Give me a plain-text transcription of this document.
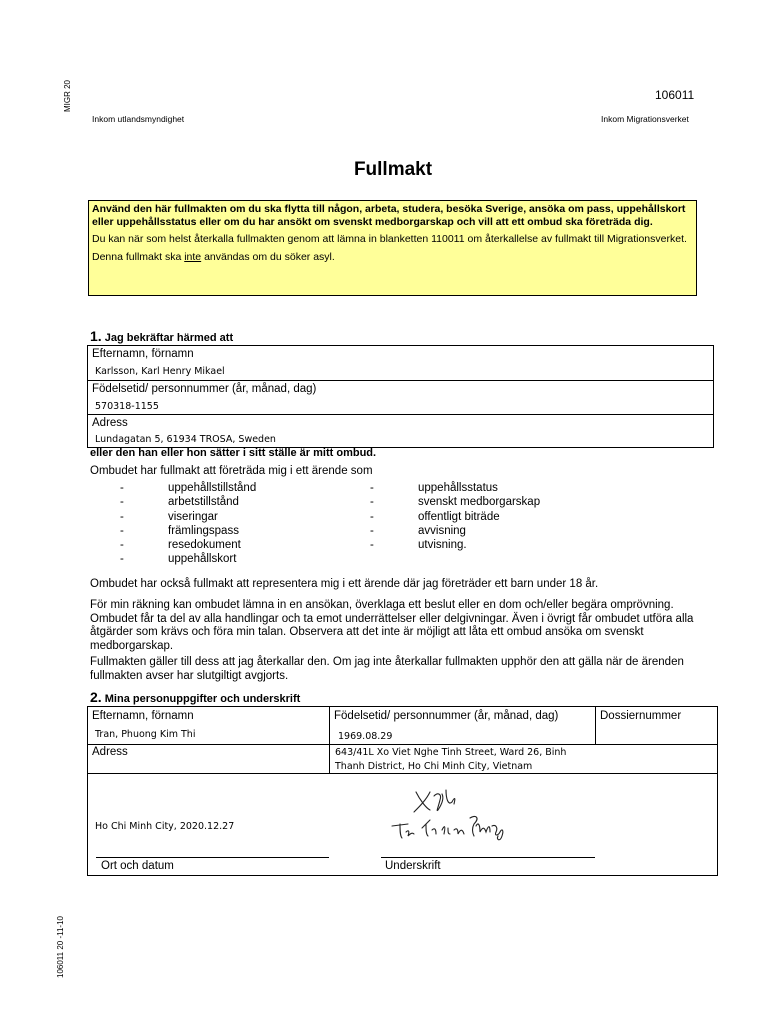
MIGR 20
106011 20 -11-10
106011
Inkom utlandsmyndighet	Inkom Migrationsverket
Fullmakt

Använd den här fullmakten om du ska flytta till någon, arbeta, studera, besöka Sverige, ansöka om pass, uppehållskort eller uppehållsstatus eller om du har ansökt om svenskt medborgarskap och vill att ett ombud ska företräda dig.

Du kan när som helst återkalla fullmakten genom att lämna in blanketten 110011 om återkallelse av fullmakt till Migrationsverket.

Denna fullmakt ska inte användas om du söker asyl.

1. Jag bekräftar härmed att
Efternamn, förnamn
Karlsson, Karl Henry Mikael
Födelsetid/ personnummer (år, månad, dag)
570318-1155
Adress
Lundagatan 5, 61934 TROSA, Sweden
eller den han eller hon sätter i sitt ställe är mitt ombud.
Ombudet har fullmakt att företräda mig i ett ärende som
-	uppehållstillstånd
-	arbetstillstånd
-	viseringar
-	främlingspass
-	resedokument
-	uppehållskort
-	uppehållsstatus
-	svenskt medborgarskap
-	offentligt biträde
-	avvisning
-	utvisning.
Ombudet har också fullmakt att representera mig i ett ärende där jag företräder ett barn under 18 år.
För min räkning kan ombudet lämna in en ansökan, överklaga ett beslut eller en dom och/eller begära omprövning. Ombudet får ta del av alla handlingar och ta emot underrättelser eller delgivningar. Även i övrigt får ombudet utföra alla åtgärder som krävs och föra min talan. Observera att det inte är möjligt att låta ett ombud ansöka om svenskt medborgarskap.
Fullmakten gäller till dess att jag återkallar den. Om jag inte återkallar fullmakten upphör den att gälla när de ärenden fullmakten avser har slutgiltigt avgjorts.
2. Mina personuppgifter och underskrift
Efternamn, förnamn
Tran, Phuong Kim Thi
Födelsetid/ personnummer (år, månad, dag)
1969.08.29
Dossiernummer
Adress	643/41L Xo Viet Nghe Tinh Street, Ward 26, Binh
Thanh District, Ho Chi Minh City, Vietnam
Ho Chi Minh City, 2020.12.27
Ort och datum	Underskrift
